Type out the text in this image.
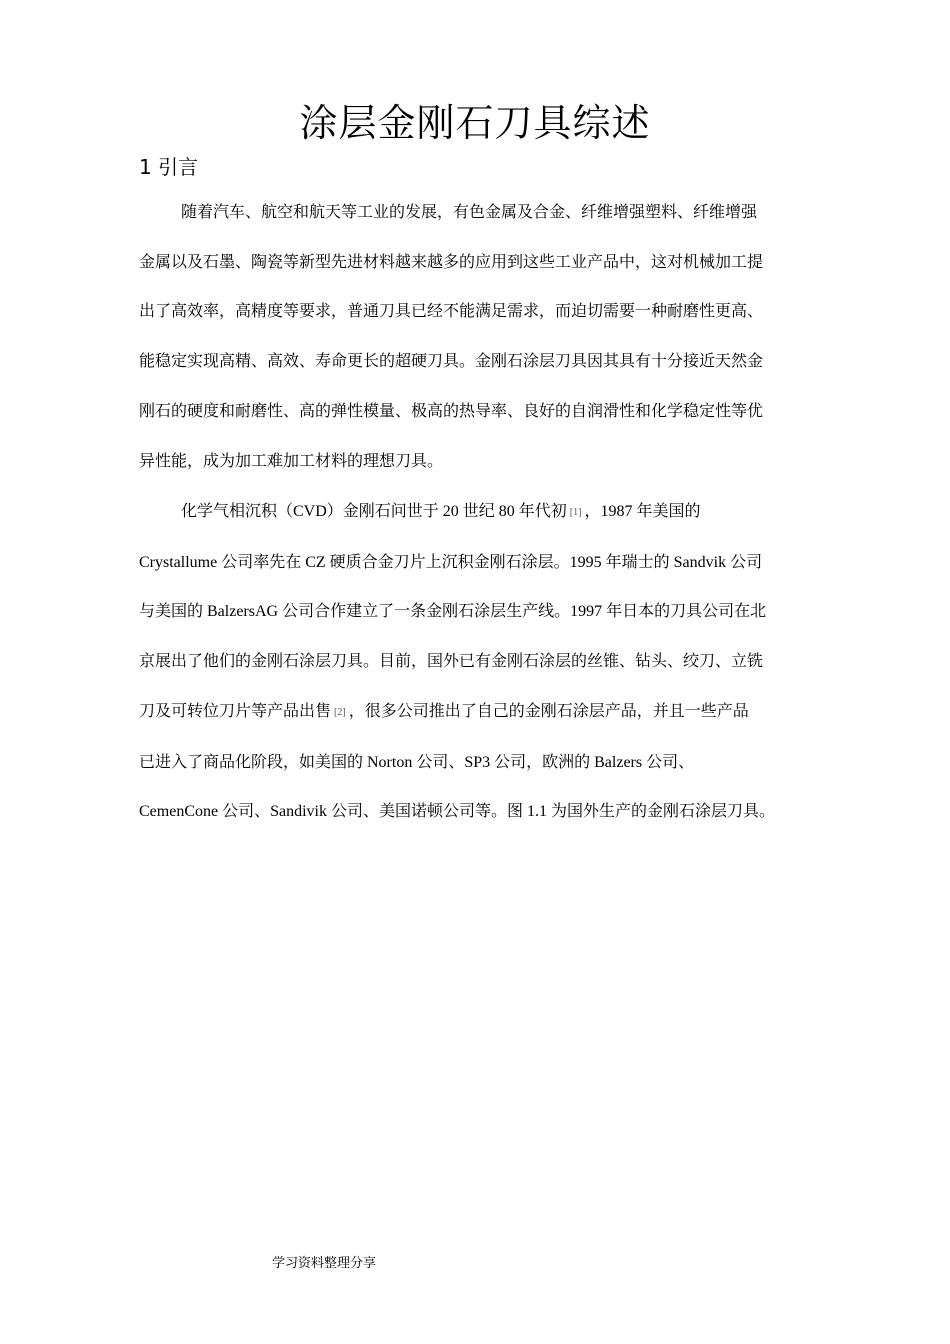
涂层金刚石刀具综述
1 引言
随着汽车、航空和航天等工业的发展，有色金属及合金、纤维增强塑料、纤维增强
金属以及石墨、陶瓷等新型先进材料越来越多的应用到这些工业产品中，这对机械加工提
出了高效率，高精度等要求，普通刀具已经不能满足需求，而迫切需要一种耐磨性更高、
能稳定实现高精、高效、寿命更长的超硬刀具。金刚石涂层刀具因其具有十分接近天然金
刚石的硬度和耐磨性、高的弹性模量、极高的热导率、良好的自润滑性和化学稳定性等优
异性能，成为加工难加工材料的理想刀具。
化学气相沉积（CVD）金刚石问世于 20 世纪 80 年代初 [1] ，1987 年美国的
Crystallume 公司率先在 CZ 硬质合金刀片上沉积金刚石涂层。1995 年瑞士的 Sandvik 公司
与美国的 BalzersAG 公司合作建立了一条金刚石涂层生产线。1997 年日本的刀具公司在北
京展出了他们的金刚石涂层刀具。目前，国外已有金刚石涂层的丝锥、钻头、绞刀、立铣
刀及可转位刀片等产品出售 [2] ，很多公司推出了自己的金刚石涂层产品，并且一些产品
已进入了商品化阶段，如美国的 Norton 公司、SP3 公司，欧洲的 Balzers 公司、
CemenCone 公司、Sandivik 公司、美国诺顿公司等。图 1.1 为国外生产的金刚石涂层刀具。

学习资料整理分享
